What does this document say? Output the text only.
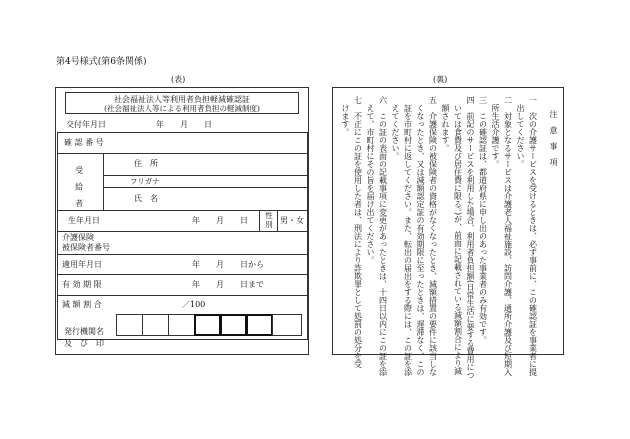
第4号様式(第6条関係)
(表)	(裏)
社会福祉法人等利用者負担軽減確認証
(社会福祉法人等による利用者負担の軽減制度)
交付年月日	年　　月　　日
確 認 番 号
受 給 者
住　所
フリガナ
氏　名
生年月日	年　　月　　日
性別 男・女
介護保険
被保険者番号
適用年月日	年　　月　　日から
有 効 期 限	年　　月　　日まで
減 額 割 合	／100
発行機関名
及　び　印
注　意　事　項
一　次の介護サービスを受けるときは、必ず事前に、この確認証を事業者に提
出してください。
二　対象となるサービスは介護老人福祉施設、訪問介護、通所介護及び短期入
所生活介護です。
三　この確認証は、都道府県に申し出のあった事業者のみ有効です。
四　前記のサービスを利用した場合、利用者負担額(日常生活に要する費用につ
いては食費及び居住費に限る。)が、前面に記載されている減額割合により減
額されます。
五　介護保険の被保険者の資格がなくなったとき、減額措置の要件に該当しな
くなったとき、又は減額認定証の有効期限に至ったときは、遅滞なく、この
証を市町村に返してください。また、転出の届出をする際には、この証を添
えてください。
六　この証の表面の記載事項に変更があったときは、十四日以内にこの証を添
えて、市町村にその旨を届け出てください。
七　不正にこの証を使用した者は、刑法により詐欺罪として処罰の処分を受
けます。
